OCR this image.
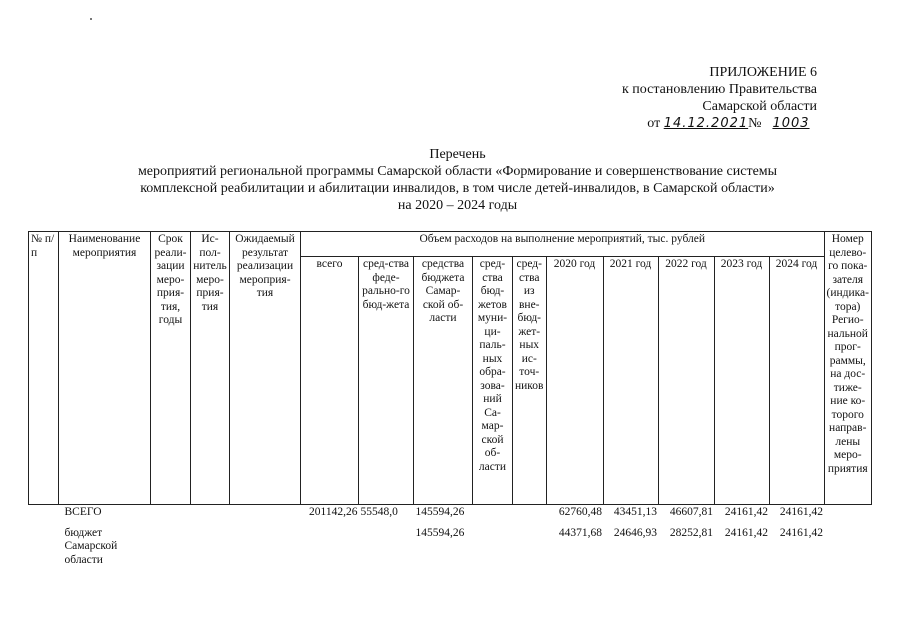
ПРИЛОЖЕНИЕ 6
к постановлению Правительства
Самарской области
от 14.12.2021№ 1003
Перечень
мероприятий региональной программы Самарской области «Формирование и совершенствование системы
комплексной реабилитации и абилитации инвалидов, в том числе детей-инвалидов, в Самарской области»
на 2020 – 2024 годы
№ п/п	Наименование мероприятия	Срок реали-зации меро-прия-тия, годы	Ис-пол-нитель меро-прия-тия	Ожидаемый результат реализации мероприя-тия	Объем расходов на выполнение мероприятий, тыс. рублей										Номер целево-го пока-зателя (индика-тора) Регио-нальной прог-раммы, на дос-тиже-ние ко-торого направ-лены меро-приятия
					всего	сред-ства феде-рально-го бюд-жета	средства бюджета Самар-ской об-ласти	сред-ства бюд-жетов муни-ци-паль-ных обра-зова-ний Са-мар-ской об-ласти	сред-ства из вне-бюд-жет-ных ис-точ-ников	2020 год	2021 год	2022 год	2023 год	2024 год	
	ВСЕГО				201142,26	55548,0	145594,26			62760,48	43451,13	46607,81	24161,42	24161,42	
	бюджет Самарской области						145594,26			44371,68	24646,93	28252,81	24161,42	24161,42	
